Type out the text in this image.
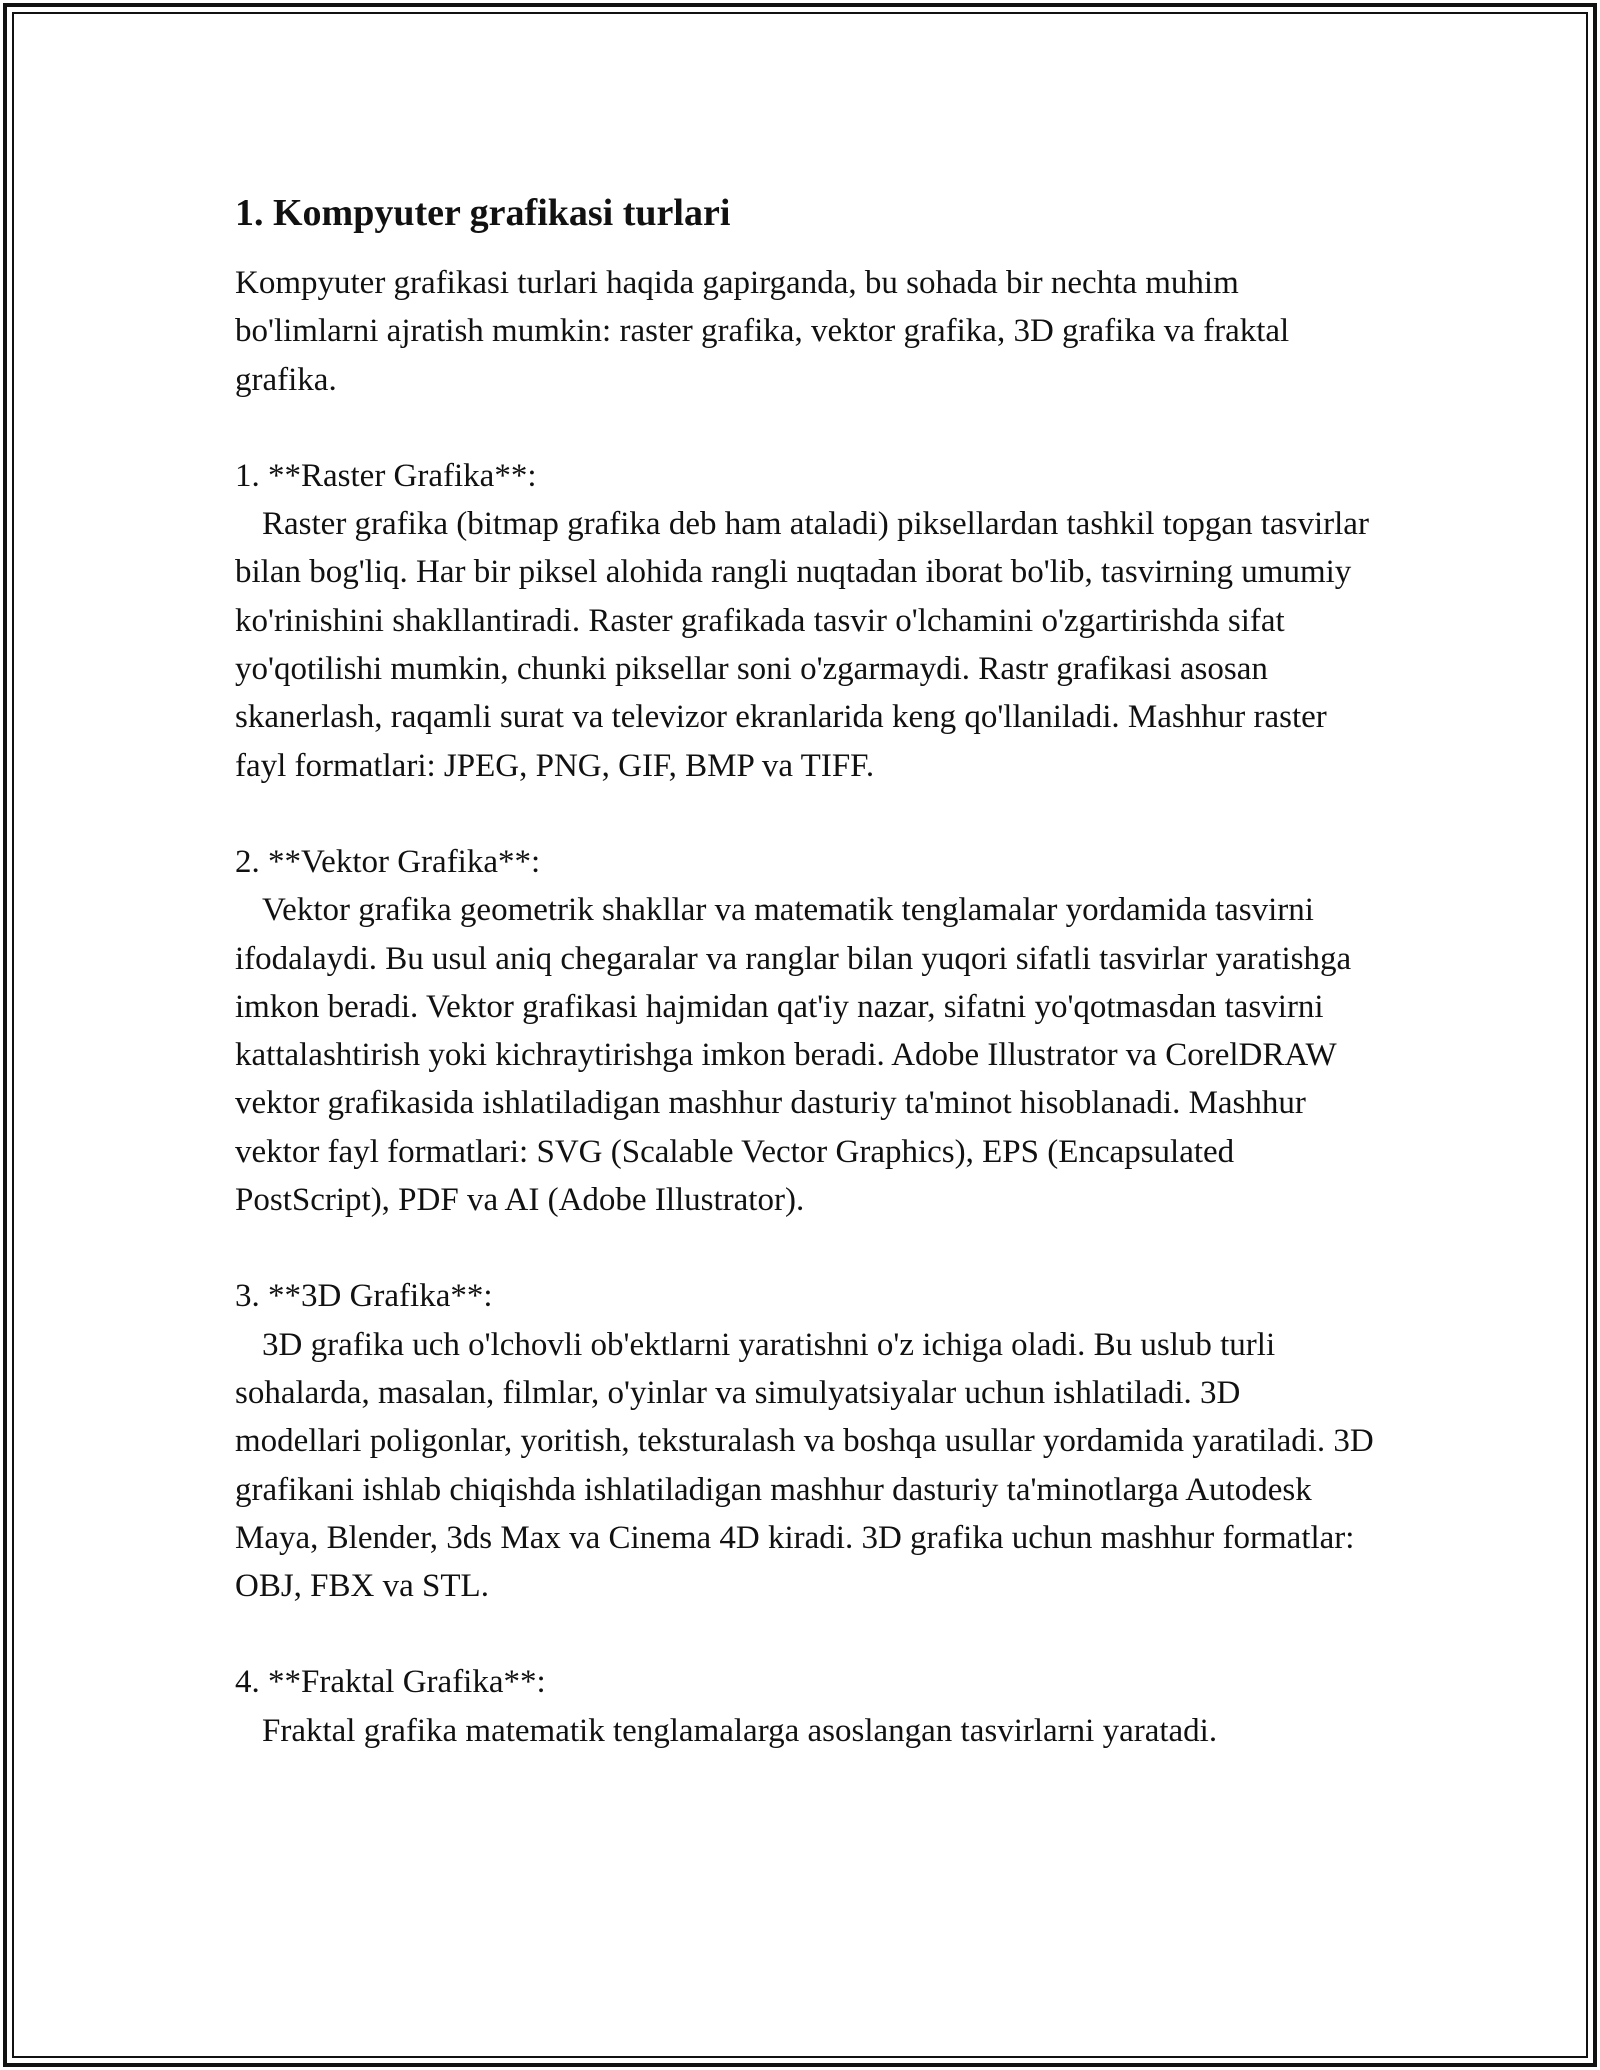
1. Kompyuter grafikasi turlari

Kompyuter grafikasi turlari haqida gapirganda, bu sohada bir nechta muhim bo'limlarni ajratish mumkin: raster grafika, vektor grafika, 3D grafika va fraktal grafika.

1. **Raster Grafika**:

Raster grafika (bitmap grafika deb ham ataladi) piksellardan tashkil topgan tasvirlar bilan bog'liq. Har bir piksel alohida rangli nuqtadan iborat bo'lib, tasvirning umumiy ko'rinishini shakllantiradi. Raster grafikada tasvir o'lchamini o'zgartirishda sifat yo'qotilishi mumkin, chunki piksellar soni o'zgarmaydi. Rastr grafikasi asosan skanerlash, raqamli surat va televizor ekranlarida keng qo'llaniladi. Mashhur raster fayl formatlari: JPEG, PNG, GIF, BMP va TIFF.

2. **Vektor Grafika**:

Vektor grafika geometrik shakllar va matematik tenglamalar yordamida tasvirni ifodalaydi. Bu usul aniq chegaralar va ranglar bilan yuqori sifatli tasvirlar yaratishga imkon beradi. Vektor grafikasi hajmidan qat'iy nazar, sifatni yo'qotmasdan tasvirni kattalashtirish yoki kichraytirishga imkon beradi. Adobe Illustrator va CorelDRAW vektor grafikasida ishlatiladigan mashhur dasturiy ta'minot hisoblanadi. Mashhur vektor fayl formatlari: SVG (Scalable Vector Graphics), EPS (Encapsulated PostScript), PDF va AI (Adobe Illustrator).

3. **3D Grafika**:

3D grafika uch o'lchovli ob'ektlarni yaratishni o'z ichiga oladi. Bu uslub turli sohalarda, masalan, filmlar, o'yinlar va simulyatsiyalar uchun ishlatiladi. 3D modellari poligonlar, yoritish, teksturalash va boshqa usullar yordamida yaratiladi. 3D grafikani ishlab chiqishda ishlatiladigan mashhur dasturiy ta'minotlarga Autodesk Maya, Blender, 3ds Max va Cinema 4D kiradi. 3D grafika uchun mashhur formatlar: OBJ, FBX va STL.

4. **Fraktal Grafika**:

Fraktal grafika matematik tenglamalarga asoslangan tasvirlarni yaratadi.
